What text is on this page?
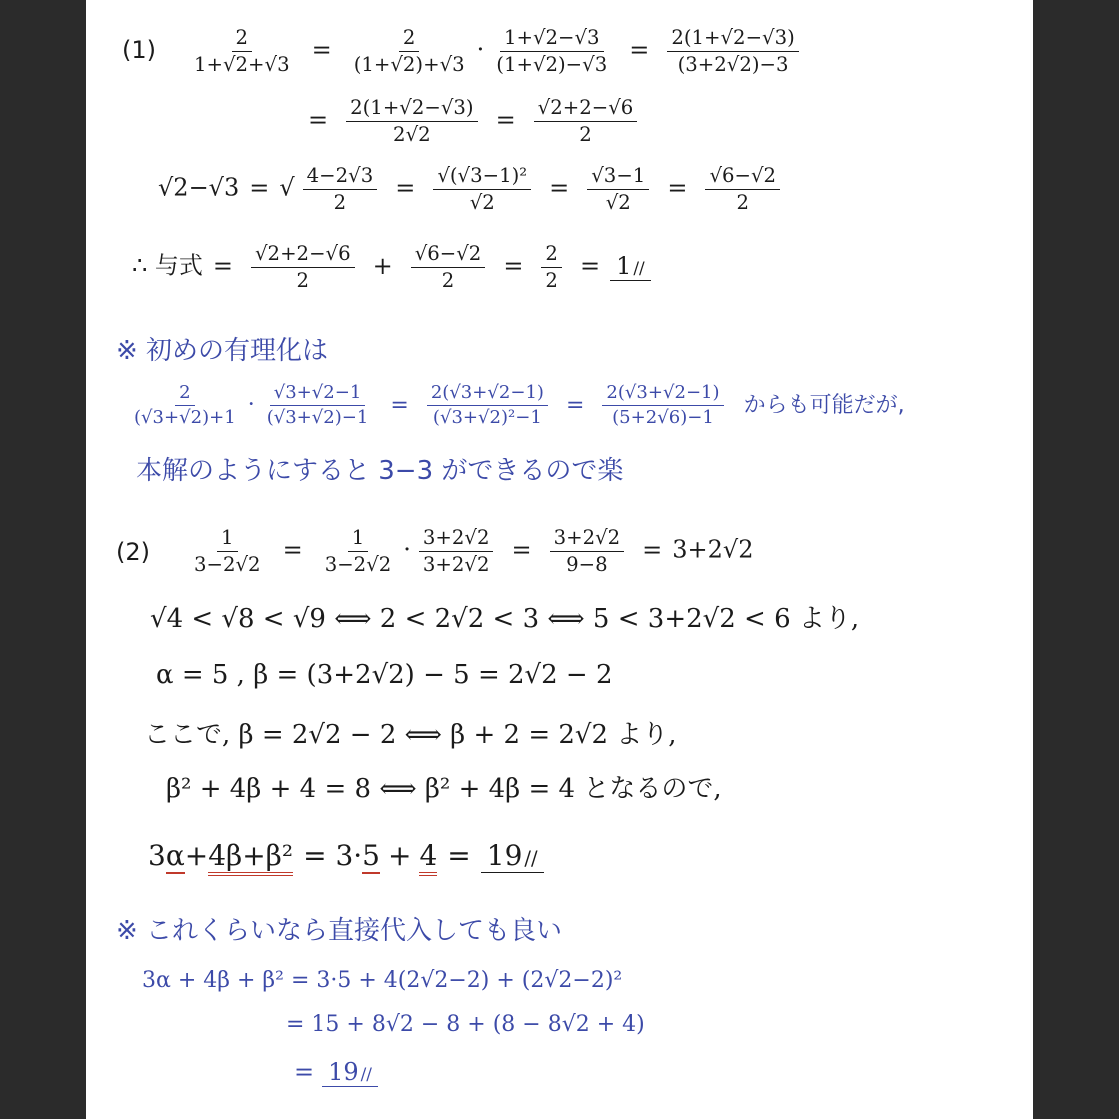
$(1) \frac{2}{1+√2+√3} = \frac{2}{(1+√2)+√3} \cdot \frac{1+√2-√3}{(1+√2)-√3} = \frac{2(1+√2-√3)}{(3+2√2)-3}$
= $\frac{2(1+√2-√3)}{2√2} = \frac{√2+2-√6}{2}$
√2−√3 = √ $\frac{4-2√3}{2} = \frac{\text{√(√3−1)²}}{√2} = \frac{√3-1}{√2} = \frac{√6-√2}{2}$
∴ 与式 = $\frac{√2+2-√6}{2} + \frac{√6-√2}{2} = \frac{2}{2} = 1$ //
※ 初めの有理化は
$\frac{2}{(√3+√2)+1} \cdot \frac{√3+√2-1}{(√3+√2)-1} = \frac{2(√3+√2-1)}{\text{(√3+√2)²−1}} = \frac{2(√3+√2-1)}{(5+2√6)-1}$ からも可能だが,
本解のようにすると 3−3 ができるので楽
$(2) \frac{1}{3-2√2} = \frac{1}{3-2√2} \cdot \frac{3+2√2}{3+2√2} = \frac{3+2√2}{9-8} = 3+2√2$
√4 < √8 < √9 ⟺ 2 < 2√2 < 3 ⟺ 5 < 3+2√2 < 6 より,
α = 5 , β = (3+2√2) − 5 = 2√2 − 2
ここで, β = 2√2 − 2 ⟺ β + 2 = 2√2 より,
β² + 4β + 4 = 8 ⟺ β² + 4β = 4 となるので,
3α+4β+β² = 3·5 + 4 = 19 //
※ これくらいなら直接代入しても良い
3α + 4β + β² = 3·5 + 4(2√2−2) + (2√2−2)²
= 15 + 8√2 − 8 + (8 − 8√2 + 4)
= 19 //
